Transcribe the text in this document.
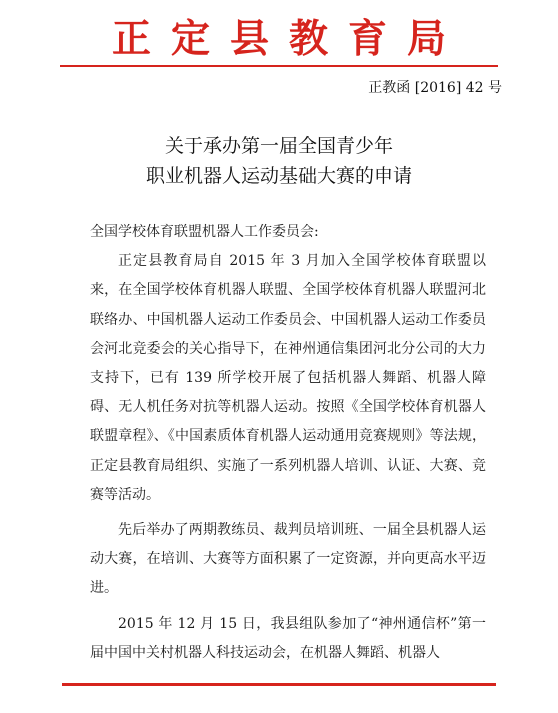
正定县教育局
正教函 [2016] 42 号
关于承办第一届全国青少年
职业机器人运动基础大赛的申请

全国学校体育联盟机器人工作委员会:

正定县教育局自 2015 年 3 月加入全国学校体育联盟以来，在全国学校体育机器人联盟、全国学校体育机器人联盟河北联络办、中国机器人运动工作委员会、中国机器人运动工作委员会河北竞委会的关心指导下，在神州通信集团河北分公司的大力支持下，已有 139 所学校开展了包括机器人舞蹈、机器人障碍、无人机任务对抗等机器人运动。按照《全国学校体育机器人联盟章程》、《中国素质体育机器人运动通用竞赛规则》等法规，正定县教育局组织、实施了一系列机器人培训、认证、大赛、竞赛等活动。

先后举办了两期教练员、裁判员培训班、一届全县机器人运动大赛，在培训、大赛等方面积累了一定资源，并向更高水平迈进。

2015 年 12 月 15 日，我县组队参加了“神州通信杯”第一届中国中关村机器人科技运动会，在机器人舞蹈、机器人
